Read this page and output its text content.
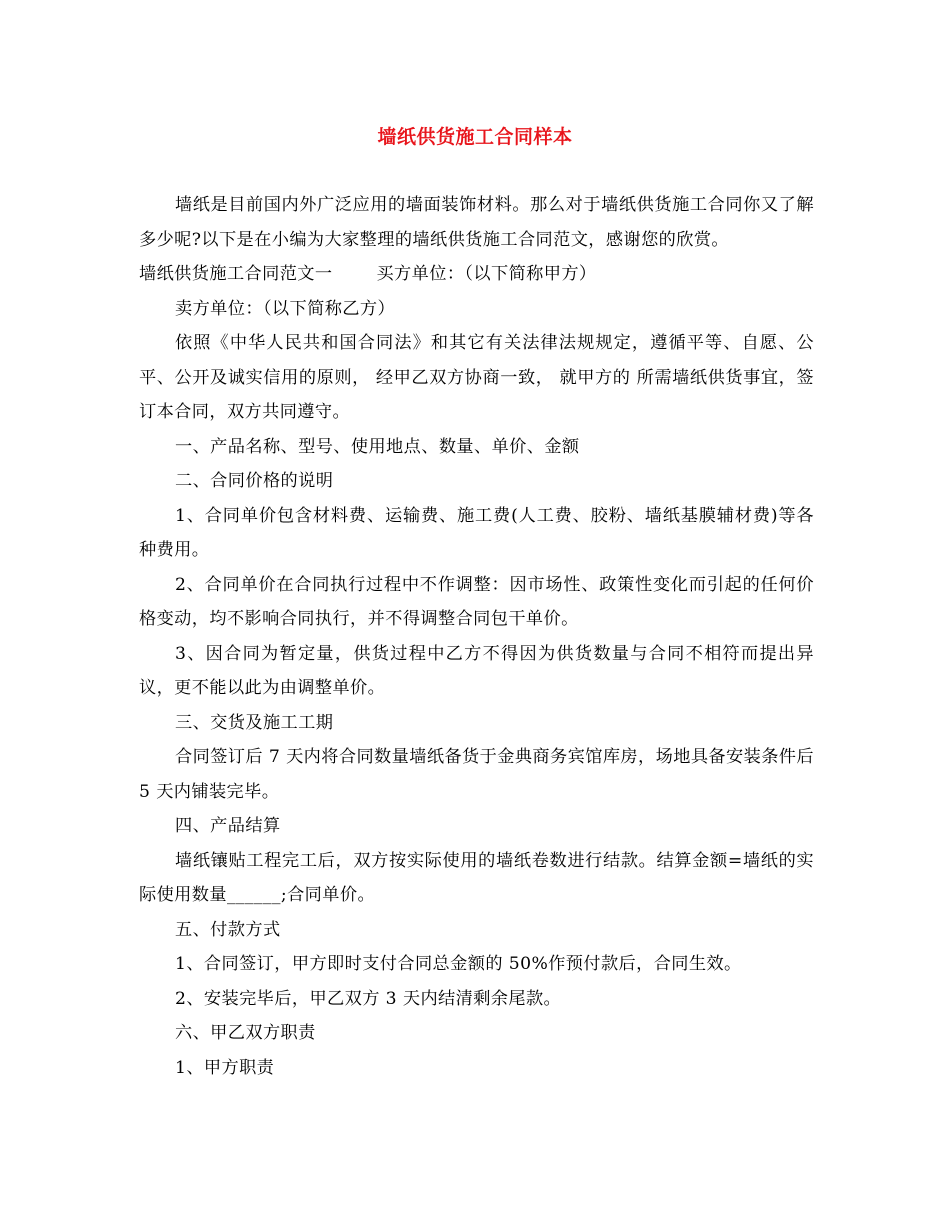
墙纸供货施工合同样本

墙纸是目前国内外广泛应用的墙面装饰材料。那么对于墙纸供货施工合同你又了解多少呢?以下是在小编为大家整理的墙纸供货施工合同范文，感谢您的欣赏。

墙纸供货施工合同范文一	买方单位：（以下简称甲方）

卖方单位：（以下简称乙方）

依照《中华人民共和国合同法》和其它有关法律法规规定，遵循平等、自愿、公平、公开及诚实信用的原则， 经甲乙双方协商一致， 就甲方的 所需墙纸供货事宜，签订本合同，双方共同遵守。

一、产品名称、型号、使用地点、数量、单价、金额

二、合同价格的说明

1、合同单价包含材料费、运输费、施工费(人工费、胶粉、墙纸基膜辅材费)等各种费用。

2、合同单价在合同执行过程中不作调整：因市场性、政策性变化而引起的任何价格变动，均不影响合同执行，并不得调整合同包干单价。

3、因合同为暂定量，供货过程中乙方不得因为供货数量与合同不相符而提出异议，更不能以此为由调整单价。

三、交货及施工工期

合同签订后 7 天内将合同数量墙纸备货于金典商务宾馆库房，场地具备安装条件后 5 天内铺装完毕。

四、产品结算

墙纸镶贴工程完工后，双方按实际使用的墙纸卷数进行结款。结算金额=墙纸的实际使用数量______;合同单价。

五、付款方式

1、合同签订，甲方即时支付合同总金额的 50%作预付款后，合同生效。

2、安装完毕后，甲乙双方 3 天内结清剩余尾款。

六、甲乙双方职责

1、甲方职责
